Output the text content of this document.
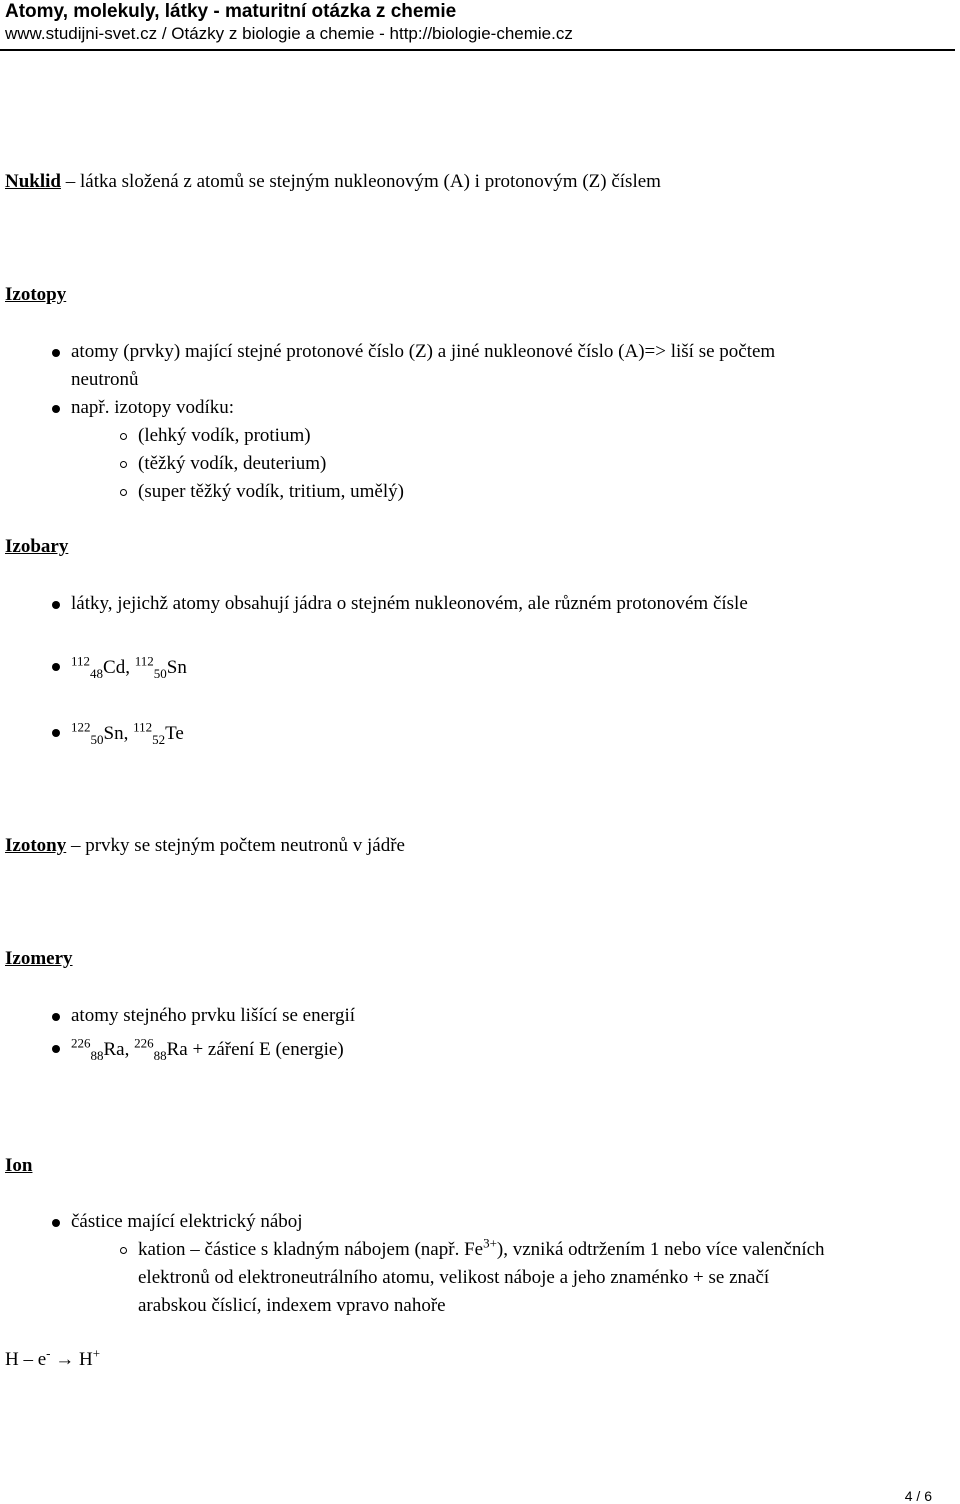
Atomy, molekuly, látky - maturitní otázka z chemie
www.studijni-svet.cz / Otázky z biologie a chemie - http://biologie-chemie.cz
Nuklid – látka složená z atomů se stejným nukleonovým (A) i protonovým (Z) číslem
Izotopy
atomy (prvky) mající stejné protonové číslo (Z) a jiné nukleonové číslo (A)=> liší se počtem
neutronů
např. izotopy vodíku:
(lehký vodík, protium)
(těžký vodík, deuterium)
(super těžký vodík, tritium, umělý)
Izobary
látky, jejichž atomy obsahují jádra o stejném nukleonovém, ale různém protonovém čísle
$^{112}_{48}$Cd, $^{112}_{50}$Sn
$^{122}_{50}$Sn, $^{112}_{52}$Te
Izotony – prvky se stejným počtem neutronů v jádře
Izomery
atomy stejného prvku lišící se energií
$^{226}_{88}$Ra, $^{226}_{88}$Ra + záření E (energie)
Ion
částice mající elektrický náboj
kation – částice s kladným nábojem (např. $Fe^{3+}$), vzniká odtržením 1 nebo více valenčních
elektronů od elektroneutrálního atomu, velikost náboje a jeho znaménko + se značí
arabskou číslicí, indexem vpravo nahoře
H – e- → H+
4 / 6
